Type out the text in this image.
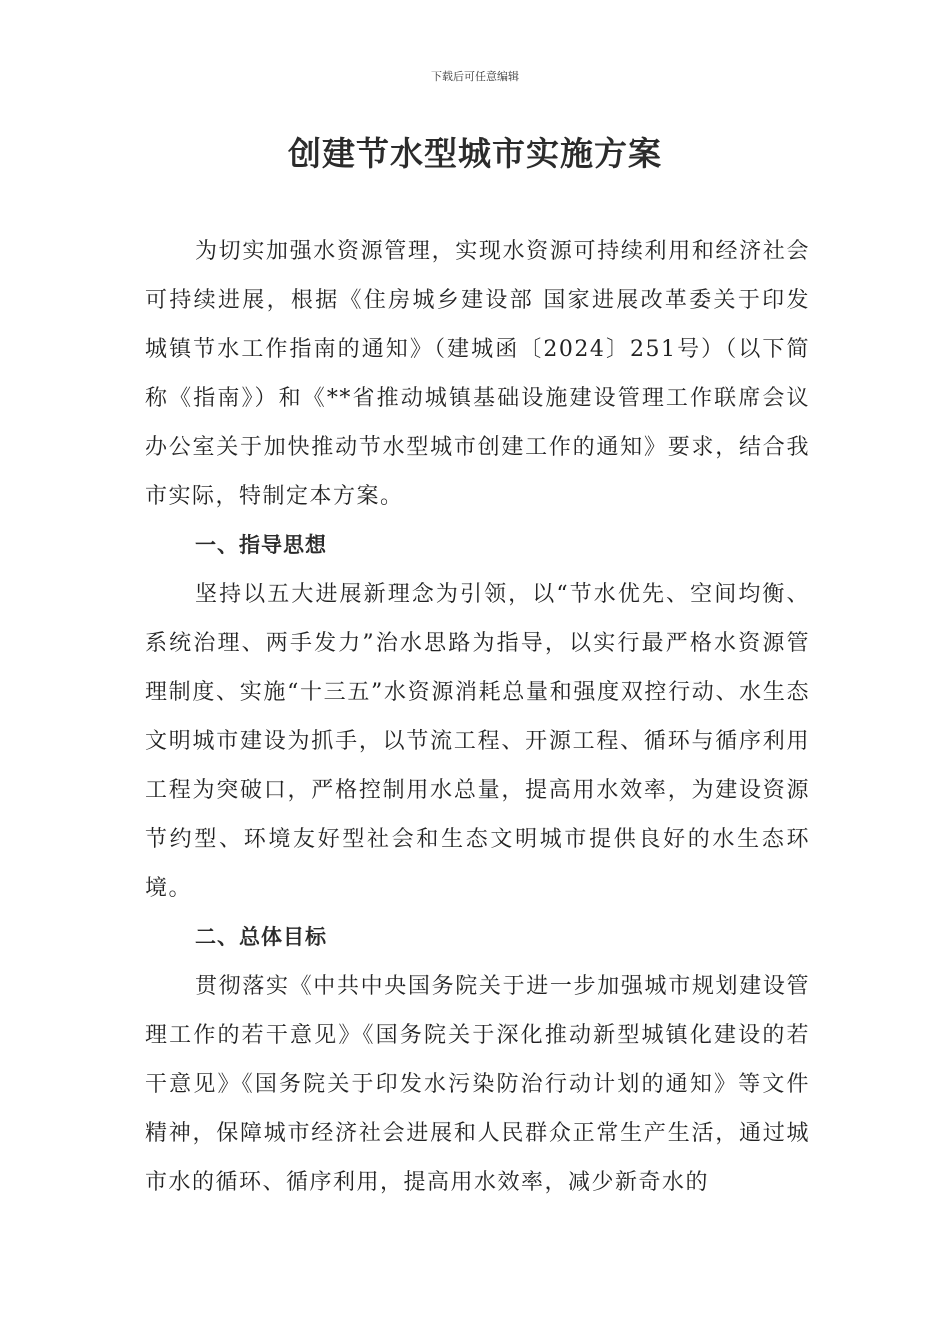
下载后可任意编辑
创建节水型城市实施方案

为切实加强水资源管理，实现水资源可持续利用和经济社会可持续进展，根据《住房城乡建设部 国家进展改革委关于印发城镇节水工作指南的通知》（建城函〔2024〕251号）（以下简称《指南》）和《**省推动城镇基础设施建设管理工作联席会议办公室关于加快推动节水型城市创建工作的通知》要求，结合我市实际，特制定本方案。

一、指导思想

坚持以五大进展新理念为引领，以“节水优先、空间均衡、系统治理、两手发力”治水思路为指导，以实行最严格水资源管理制度、实施“十三五”水资源消耗总量和强度双控行动、水生态文明城市建设为抓手，以节流工程、开源工程、循环与循序利用工程为突破口，严格控制用水总量，提高用水效率，为建设资源节约型、环境友好型社会和生态文明城市提供良好的水生态环境。

二、总体目标

贯彻落实《中共中央国务院关于进一步加强城市规划建设管理工作的若干意见》《国务院关于深化推动新型城镇化建设的若干意见》《国务院关于印发水污染防治行动计划的通知》等文件精神，保障城市经济社会进展和人民群众正常生产生活，通过城市水的循环、循序利用，提高用水效率，减少新奇水的
